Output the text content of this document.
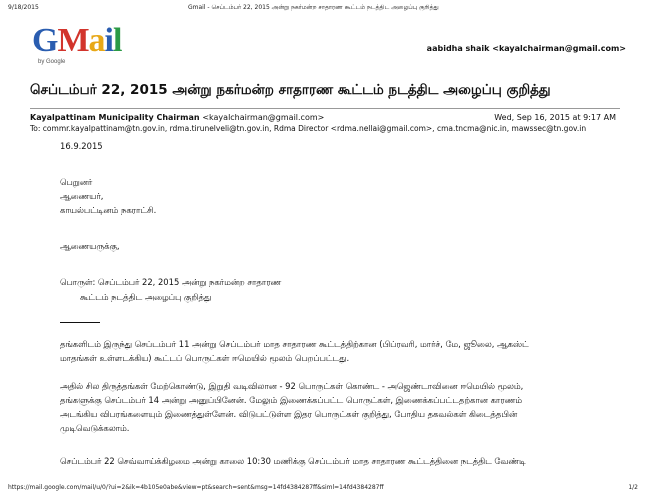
9/18/2015	Gmail - செப்டம்பர் 22, 2015 அன்று நகர்மன்ற சாதாரண கூட்டம் நடத்திட அழைப்பு குறித்து
GMail
by Google
aabidha shaik <kayalchairman@gmail.com>
செப்டம்பர் 22, 2015 அன்று நகர்மன்ற சாதாரண கூட்டம் நடத்திட அழைப்பு குறித்து
Kayalpattinam Municipality Chairman <kayalchairman@gmail.com>	Wed, Sep 16, 2015 at 9:17 AM
To: commr.kayalpattinam@tn.gov.in, rdma.tirunelveli@tn.gov.in, Rdma Director <rdma.nellai@gmail.com>, cma.tncma@nic.in, mawssec@tn.gov.in
16.9.2015
பெறுனர்
ஆணையர்,
காயல்பட்டினம் நகராட்சி.
ஆணையருக்கு,
பொருள்: செப்டம்பர் 22, 2015 அன்று நகர்மன்ற சாதாரண
கூட்டம் நடத்திட அழைப்பு குறித்து
தங்களிடம் இருந்து செப்டம்பர் 11 அன்று செப்டம்பர் மாத சாதாரண கூட்டத்திற்கான (பிப்ரவரி, மார்ச், மே, ஜூலை, ஆகஸ்ட்
மாதங்கள் உள்ளடக்கிய) கூட்டப் பொருட்கள் ஈமெயில் மூலம் பெறப்பட்டது.
அதில் சில திருத்தங்கள் மேற்கொண்டு, இறுதி வடிவிலான - 92 பொருட்கள் கொண்ட - அஜெண்டாவினை ஈமெயில் மூலம்,
தங்களுக்கு செப்டம்பர் 14 அன்று அனுப்பினேன். மேலும் இணைக்கப்பட்ட பொருட்கள், இணைக்கப்பட்டதற்கான காரணம்
அடங்கிய விபரங்களையும் இணைத்துள்ளேன். விடுபட்டுள்ள இதர பொருட்கள் குறித்து, போதிய தகவல்கள் கிடைத்தபின்
முடிவெடுக்கலாம்.
செப்டம்பர் 22 செவ்வாய்க்கிழமை அன்று காலை 10:30 மணிக்கு செப்டம்பர் மாத சாதாரண கூட்டத்தினை நடத்திட வேண்டி
https://mail.google.com/mail/u/0/?ui=2&ik=4b105e0abe&view=pt&search=sent&msg=14fd4384287ff&siml=14fd4384287ff	1/2
